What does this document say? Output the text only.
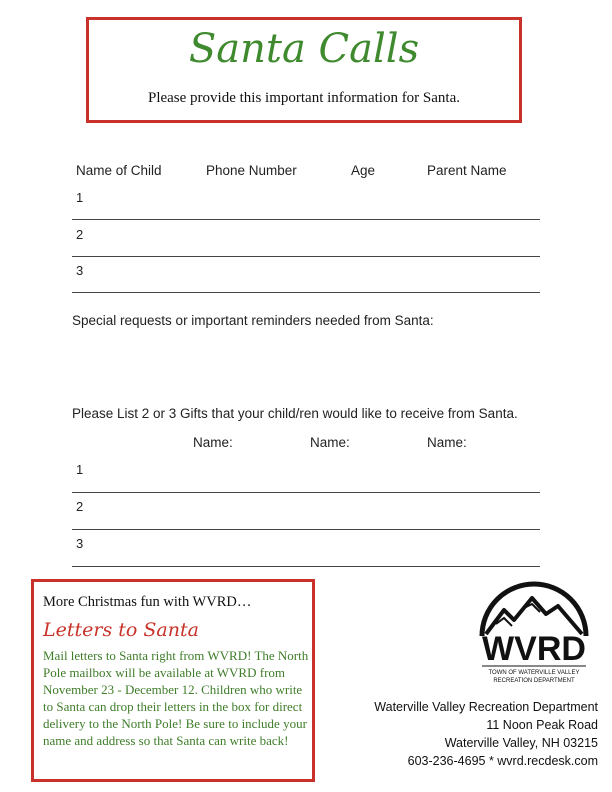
Santa Calls
Please provide this important information for Santa.
Name of Child	Phone Number	Age	Parent Name
1
2
3
Special requests or important reminders needed from Santa:
Please List 2 or 3 Gifts that your child/ren would like to receive from Santa.
Name:	Name:	Name:
1
2
3
More Christmas fun with WVRD…
Letters to Santa
Mail letters to Santa right from WVRD! The North Pole mailbox will be available at WVRD from November 23 - December 12. Children who write to Santa can drop their letters in the box for direct delivery to the North Pole! Be sure to include your name and address so that Santa can write back!
WVRD
TOWN OF WATERVILLE VALLEY
RECREATION DEPARTMENT
Waterville Valley Recreation Department
11 Noon Peak Road
Waterville Valley, NH 03215
603-236-4695 * wvrd.recdesk.com
